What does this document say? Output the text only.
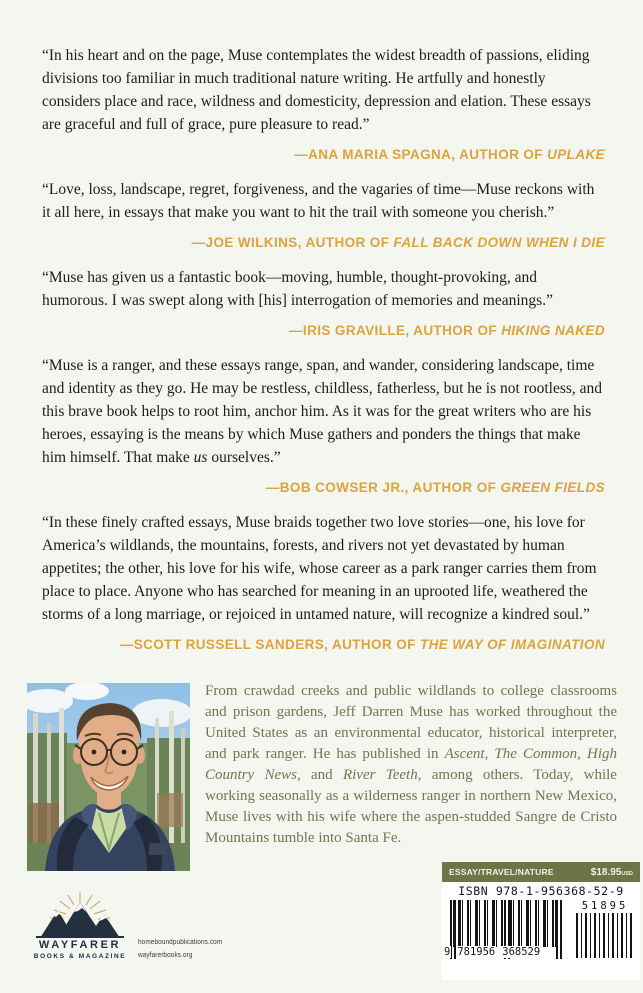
“In his heart and on the page, Muse contemplates the widest breadth of passions, eliding divisions too familiar in much traditional nature writing. He artfully and honestly considers place and race, wildness and domesticity, depression and elation. These essays are graceful and full of grace, pure pleasure to read.”
—ANA MARIA SPAGNA, AUTHOR OF UPLAKE
“Love, loss, landscape, regret, forgiveness, and the vagaries of time—Muse reckons with it all here, in essays that make you want to hit the trail with someone you cherish.”
—JOE WILKINS, AUTHOR OF FALL BACK DOWN WHEN I DIE
“Muse has given us a fantastic book—moving, humble, thought-provoking, and humorous. I was swept along with [his] interrogation of memories and meanings.”
—IRIS GRAVILLE, AUTHOR OF HIKING NAKED
“Muse is a ranger, and these essays range, span, and wander, considering landscape, time and identity as they go. He may be restless, childless, fatherless, but he is not rootless, and this brave book helps to root him, anchor him. As it was for the great writers who are his heroes, essaying is the means by which Muse gathers and ponders the things that make him himself. That make us ourselves.”
—BOB COWSER JR., AUTHOR OF GREEN FIELDS
“In these finely crafted essays, Muse braids together two love stories—one, his love for America’s wildlands, the mountains, forests, and rivers not yet devastated by human appetites; the other, his love for his wife, whose career as a park ranger carries them from place to place. Anyone who has searched for meaning in an uprooted life, weathered the storms of a long marriage, or rejoiced in untamed nature, will recognize a kindred soul.”
—SCOTT RUSSELL SANDERS, AUTHOR OF THE WAY OF IMAGINATION
From crawdad creeks and public wildlands to college classrooms and prison gardens, Jeff Darren Muse has worked throughout the United States as an environmental educator, historical interpreter, and park ranger. He has published in Ascent, The Common, High Country News, and River Teeth, among others. Today, while working seasonally as a wilderness ranger in northern New Mexico, Muse lives with his wife where the aspen-studded Sangre de Cristo Mountains tumble into Santa Fe.
WAYFARER
BOOKS & MAGAZINE
homeboundpublications.com
wayfarerbooks.org
ESSAY/TRAVEL/NATURE	$18.95USD
ISBN 978-1-956368-52-9
9 781956 368529
51895
